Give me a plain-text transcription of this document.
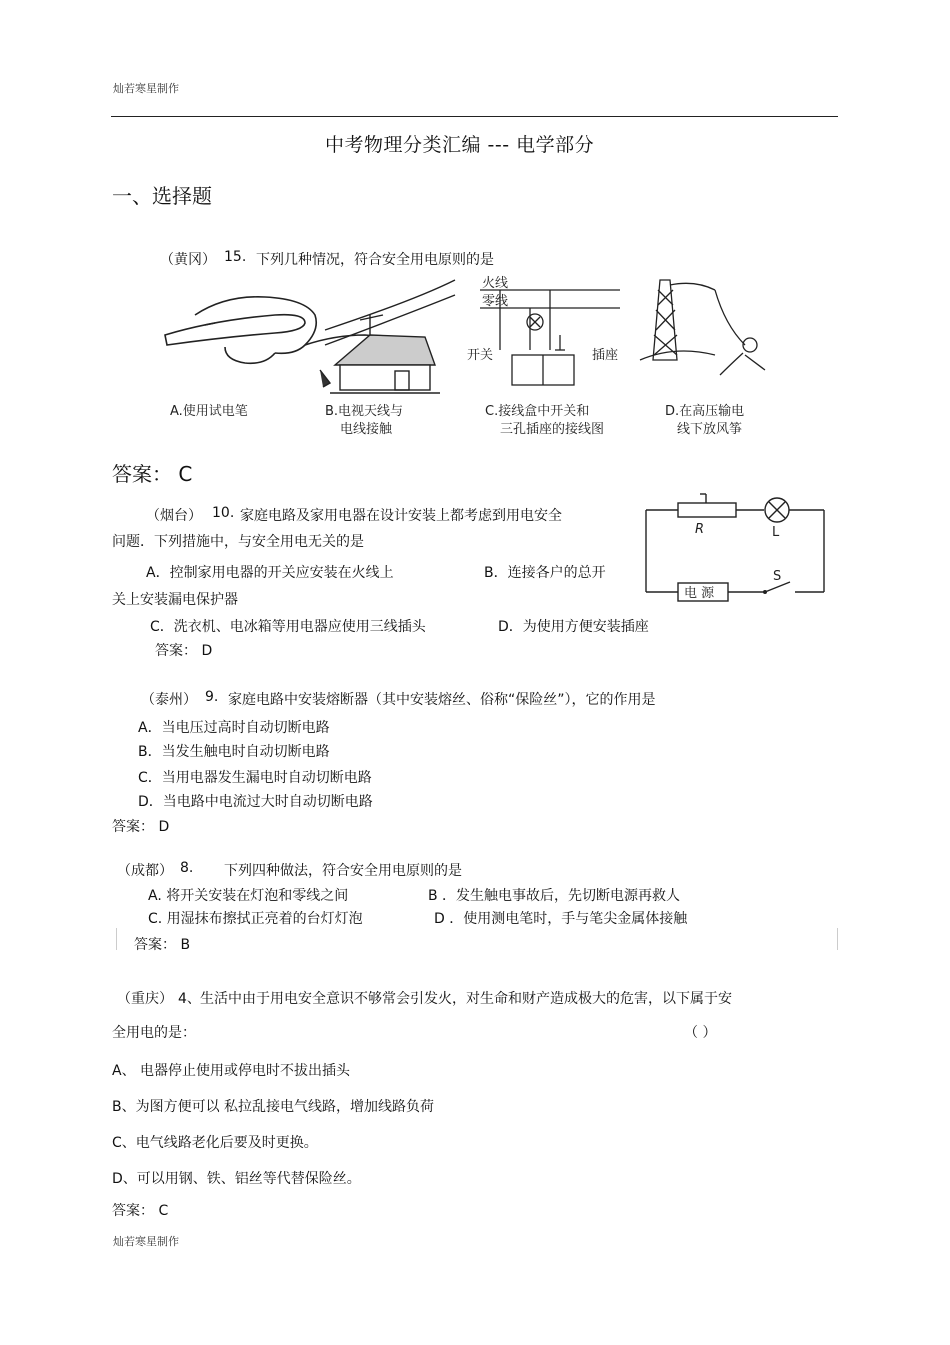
灿若寒星制作
中考物理分类汇编 --- 电学部分
一、选择题
（黄冈） 15. 下列几种情况，符合安全用电原则的是
开关	插座
火线
零线
A.使用试电笔	B.电视天线与
电线接触
C.接线盒中开关和
三孔插座的接线图
D.在高压输电
线下放风筝
答案： C
（烟台） 10. 家庭电路及家用电器在设计安装上都考虑到用电安全
问题．下列措施中，与安全用电无关的是
A．控制家用电器的开关应安装在火线上	B．连接各户的总开
关上安装漏电保护器
C．洗衣机、电冰箱等用电器应使用三线插头	D．为使用方便安装插座
答案： D
R	L
S
电 源
（泰州） 9. 家庭电路中安装熔断器（其中安装熔丝、俗称“保险丝”），它的作用是
A．当电压过高时自动切断电路
B．当发生触电时自动切断电路
C．当用电器发生漏电时自动切断电路
D．当电路中电流过大时自动切断电路
答案： D
（成都） 8. 下列四种做法，符合安全用电原则的是
A. 将开关安装在灯泡和零线之间	B ．发生触电事故后，先切断电源再救人
C. 用湿抹布擦拭正亮着的台灯灯泡	D ．使用测电笔时，手与笔尖金属体接触
答案： B
（重庆） 4、 生活中由于用电安全意识不够常会引发火，对生命和财产造成极大的危害，以下属于安
全用电的是：	（ ）
A、 电器停止使用或停电时不拔出插头
B、为图方便可以 私拉乱接电气线路，增加线路负荷
C、电气线路老化后要及时更换。
D、可以用钢、铁、铝丝等代替保险丝。
答案： C
灿若寒星制作
